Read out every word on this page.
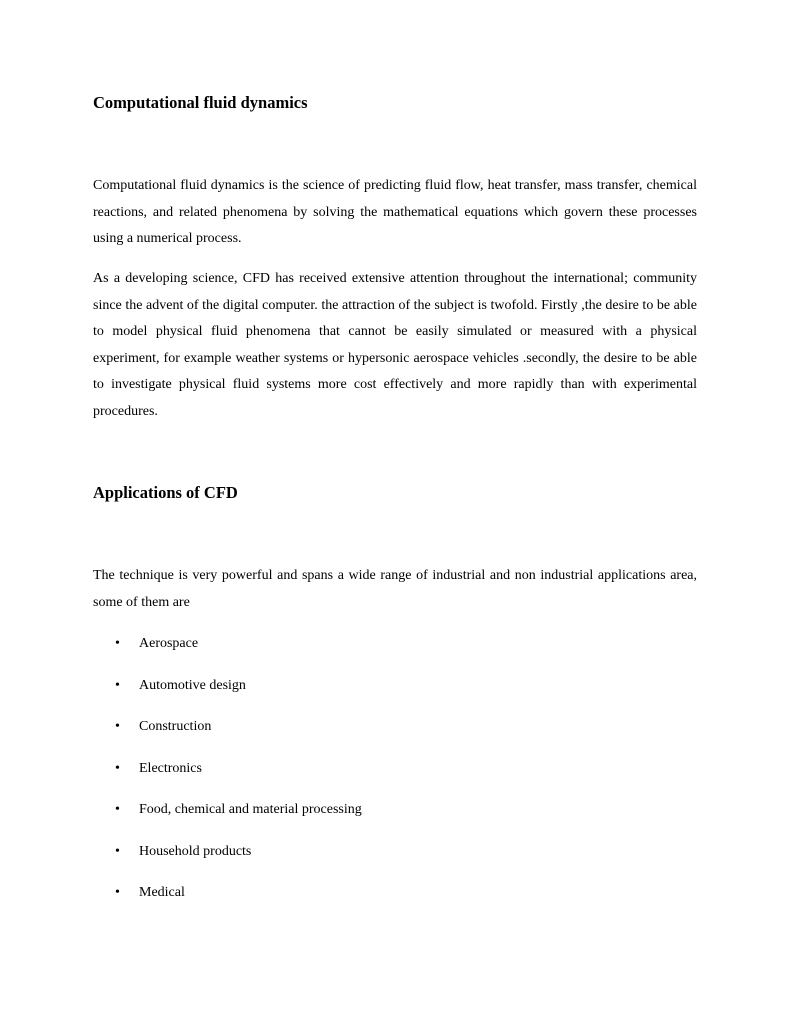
Computational fluid dynamics

Computational fluid dynamics is the science of predicting fluid flow, heat transfer, mass transfer, chemical reactions, and related phenomena by solving the mathematical equations which govern these processes using a numerical process.

As a developing science, CFD has received extensive attention throughout the international; community since the advent of the digital computer. the attraction of the subject is twofold. Firstly ,the desire to be able to model physical fluid phenomena that cannot be easily simulated or measured with a physical experiment, for example weather systems or hypersonic aerospace vehicles .secondly, the desire to be able to investigate physical fluid systems more cost effectively and more rapidly than with experimental procedures.

Applications of CFD

The technique is very powerful and spans a wide range of industrial and non industrial applications area, some of them are

• Aerospace
• Automotive design
• Construction
• Electronics
• Food, chemical and material processing
• Household products
• Medical
